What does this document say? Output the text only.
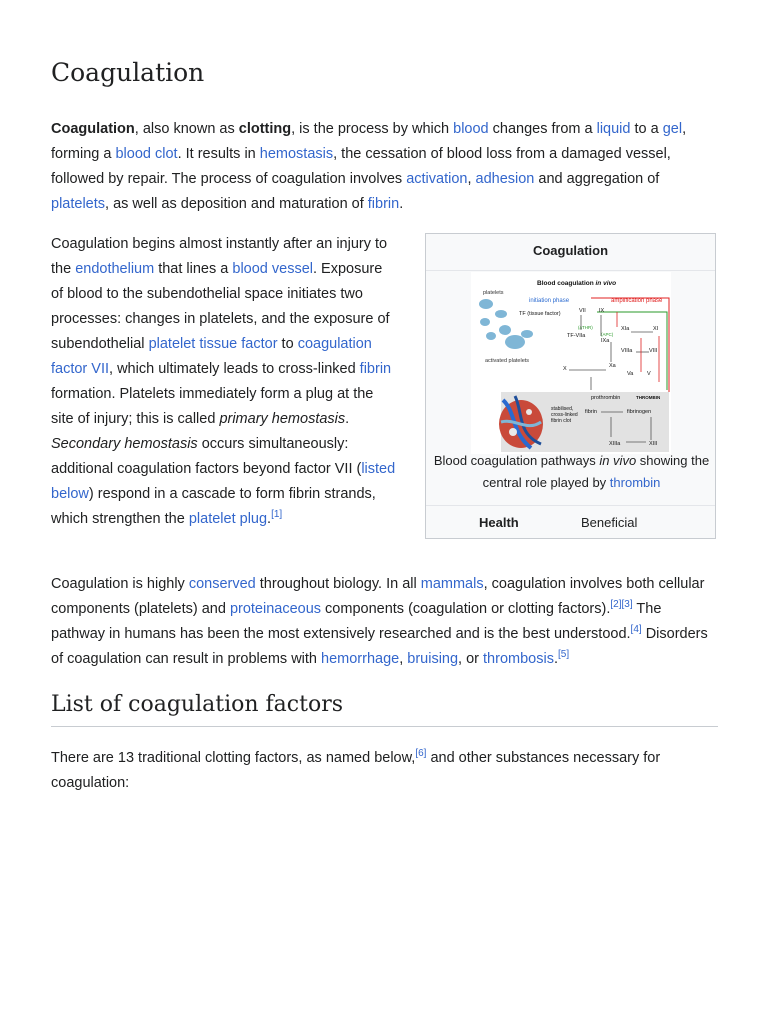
Coagulation

Coagulation, also known as clotting, is the process by which blood changes from a liquid to a gel, forming a blood clot. It results in hemostasis, the cessation of blood loss from a damaged vessel, followed by repair. The process of coagulation involves activation, adhesion and aggregation of platelets, as well as deposition and maturation of fibrin.

Coagulation begins almost instantly after an injury to the endothelium that lines a blood vessel. Exposure of blood to the subendothelial space initiates two processes: changes in platelets, and the exposure of subendothelial platelet tissue factor to coagulation factor VII, which ultimately leads to cross-linked fibrin formation. Platelets immediately form a plug at the site of injury; this is called primary hemostasis. Secondary hemostasis occurs simultaneously: additional coagulation factors beyond factor VII (listed below) respond in a cascade to form fibrin strands, which strengthen the platelet plug.[1]

Coagulation is highly conserved throughout biology. In all mammals, coagulation involves both cellular components (platelets) and proteinaceous components (coagulation or clotting factors).[2][3] The pathway in humans has been the most extensively researched and is the best understood.[4] Disorders of coagulation can result in problems with hemorrhage, bruising, or thrombosis.[5]

List of coagulation factors

There are 13 traditional clotting factors, as named below,[6] and other substances necessary for coagulation:

Coagulation
Blood coagulation in vivo
initiation phase	amplification phase
platelets
activated platelets
TF (tissue factor)	VII IX
TF-VIIa
XIa	XI
IXa
VIIIa	VIII
X	Xa
Va V
(aTHR)
(APC)
prothrombin	THROMBIN
fibrin	fibrinogen
stabilised,
cross-linked
fibrin clot
XIIIa	XIII
Blood coagulation pathways in vivo showing the central role played by thrombin
Health	Beneficial
